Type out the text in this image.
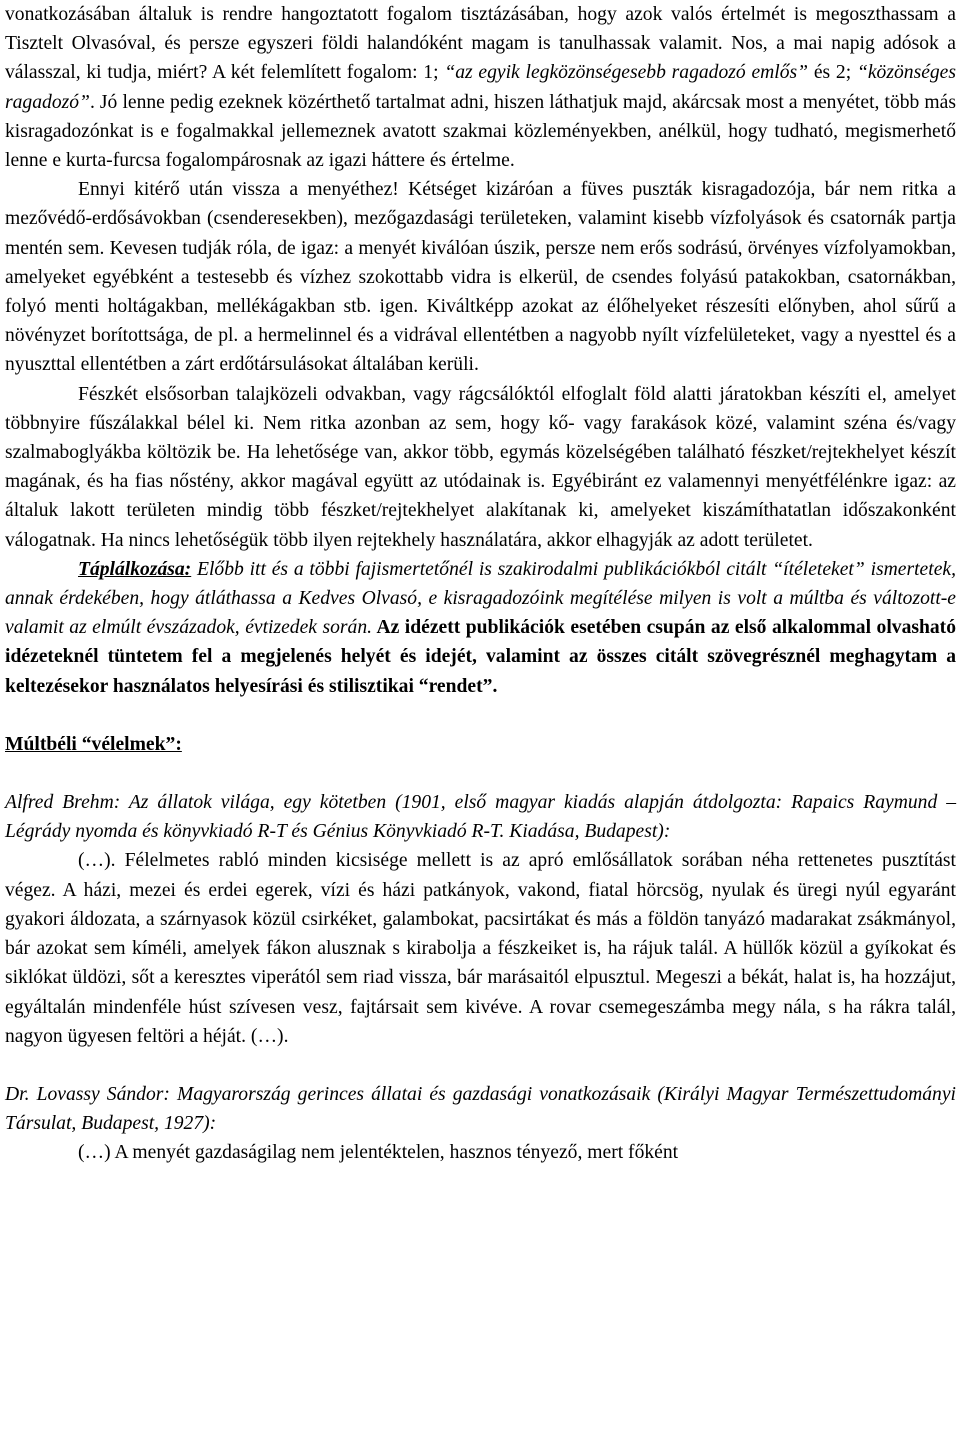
vonatkozásában általuk is rendre hangoztatott fogalom tisztázásában, hogy azok valós értelmét is megoszthassam a Tisztelt Olvasóval, és persze egyszeri földi halandóként magam is tanulhassak valamit. Nos, a mai napig adósok a válasszal, ki tudja, miért? A két felemlített fogalom: 1; “az egyik legközönségesebb ragadozó emlős” és 2; “közönséges ragadozó”. Jó lenne pedig ezeknek közérthető tartalmat adni, hiszen láthatjuk majd, akárcsak most a menyétet, több más kisragadozónkat is e fogalmakkal jellemeznek avatott szakmai közleményekben, anélkül, hogy tudható, megismerhető lenne e kurta-furcsa fogalompárosnak az igazi háttere és értelme.

Ennyi kitérő után vissza a menyéthez! Kétséget kizáróan a füves puszták kisragadozója, bár nem ritka a mezővédő-erdősávokban (csenderesekben), mezőgazdasági területeken, valamint kisebb vízfolyások és csatornák partja mentén sem. Kevesen tudják róla, de igaz: a menyét kiválóan úszik, persze nem erős sodrású, örvényes vízfolyamokban, amelyeket egyébként a testesebb és vízhez szokottabb vidra is elkerül, de csendes folyású patakokban, csatornákban, folyó menti holtágakban, mellékágakban stb. igen. Kiváltképp azokat az élőhelyeket részesíti előnyben, ahol sűrű a növényzet borítottsága, de pl. a hermelinnel és a vidrával ellentétben a nagyobb nyílt vízfelületeket, vagy a nyesttel és a nyuszttal ellentétben a zárt erdőtársulásokat általában kerüli.

Fészkét elsősorban talajközeli odvakban, vagy rágcsálóktól elfoglalt föld alatti járatokban készíti el, amelyet többnyire fűszálakkal bélel ki. Nem ritka azonban az sem, hogy kő- vagy farakások közé, valamint széna és/vagy szalmaboglyákba költözik be. Ha lehetősége van, akkor több, egymás közelségében található fészket/rejtekhelyet készít magának, és ha fias nőstény, akkor magával együtt az utódainak is. Egyébiránt ez valamennyi menyétfélénkre igaz: az általuk lakott területen mindig több fészket/rejtekhelyet alakítanak ki, amelyeket kiszámíthatatlan időszakonként válogatnak. Ha nincs lehetőségük több ilyen rejtekhely használatára, akkor elhagyják az adott területet.

Táplálkozása: Előbb itt és a többi fajismertetőnél is szakirodalmi publikációkból citált “ítéleteket” ismertetek, annak érdekében, hogy átláthassa a Kedves Olvasó, e kisragadozóink megítélése milyen is volt a múltba és változott-e valamit az elmúlt évszázadok, évtizedek során. Az idézett publikációk esetében csupán az első alkalommal olvasható idézeteknél tüntetem fel a megjelenés helyét és idejét, valamint az összes citált szövegrésznél meghagytam a keltezésekor használatos helyesírási és stilisztikai “rendet”.

Múltbéli “vélelmek”:

Alfred Brehm: Az állatok világa, egy kötetben (1901, első magyar kiadás alapján átdolgozta: Rapaics Raymund – Légrády nyomda és könyvkiadó R-T és Génius Könyvkiadó R-T. Kiadása, Budapest):

(…). Félelmetes rabló minden kicsisége mellett is az apró emlősállatok sorában néha rettenetes pusztítást végez. A házi, mezei és erdei egerek, vízi és házi patkányok, vakond, fiatal hörcsög, nyulak és üregi nyúl egyaránt gyakori áldozata, a szárnyasok közül csirkéket, galambokat, pacsirtákat és más a földön tanyázó madarakat zsákmányol, bár azokat sem kíméli, amelyek fákon alusznak s kirabolja a fészkeiket is, ha rájuk talál. A hüllők közül a gyíkokat és siklókat üldözi, sőt a keresztes viperától sem riad vissza, bár marásaitól elpusztul. Megeszi a békát, halat is, ha hozzájut, egyáltalán mindenféle húst szívesen vesz, fajtársait sem kivéve. A rovar csemegeszámba megy nála, s ha rákra talál, nagyon ügyesen feltöri a héját. (…).

Dr. Lovassy Sándor: Magyarország gerinces állatai és gazdasági vonatkozásaik (Királyi Magyar Természettudományi Társulat, Budapest, 1927):

(…) A menyét gazdaságilag nem jelentéktelen, hasznos tényező, mert főként
